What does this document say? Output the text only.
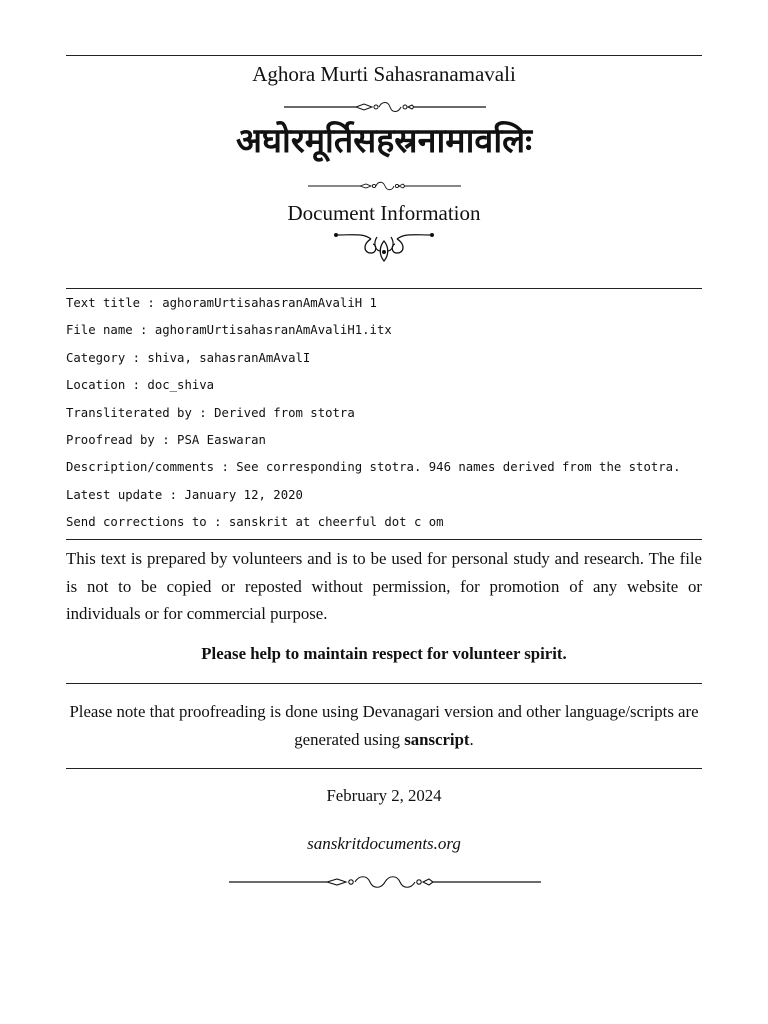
Aghora Murti Sahasranamavali
अघोरमूर्तिसहस्रनामावलिः
Document Information
Text title : aghoramUrtisahasranAmAvaliH 1
File name : aghoramUrtisahasranAmAvaliH1.itx
Category : shiva, sahasranAmAvalI
Location : doc_shiva
Transliterated by : Derived from stotra
Proofread by : PSA Easwaran
Description/comments : See corresponding stotra. 946 names derived from the stotra.
Latest update : January 12, 2020
Send corrections to : sanskrit at cheerful dot c om

This text is prepared by volunteers and is to be used for personal study and research. The file is not to be copied or reposted without permission, for promotion of any website or individuals or for commercial purpose.

Please help to maintain respect for volunteer spirit.
Please note that proofreading is done using Devanagari version and other language/scripts are generated using sanscript.
February 2, 2024
sanskritdocuments.org
